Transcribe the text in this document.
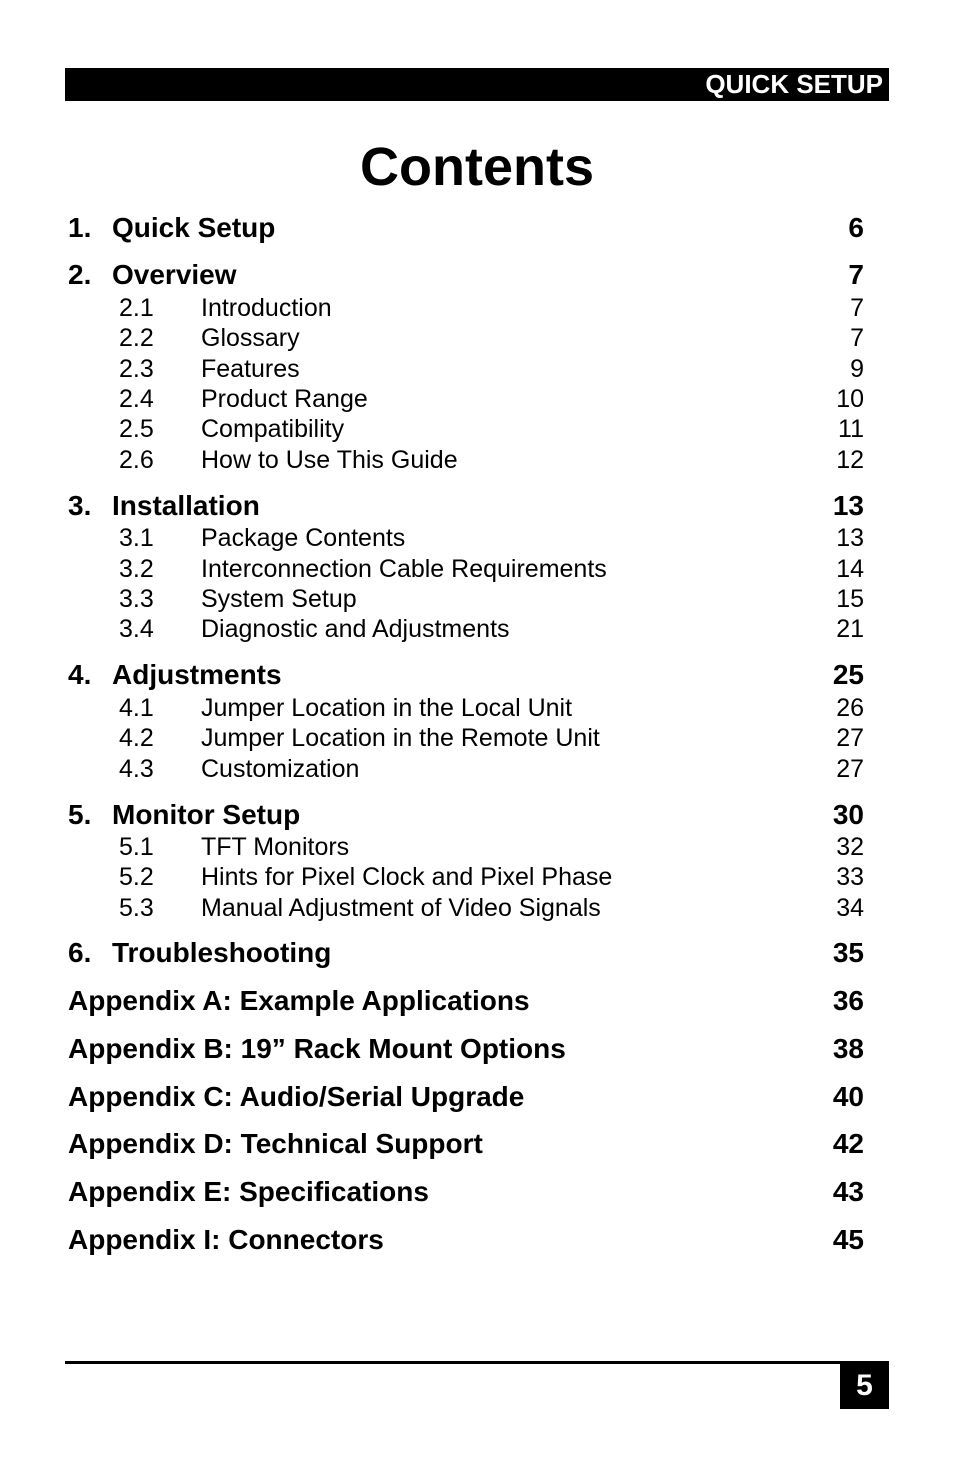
QUICK SETUP
Contents
1. Quick Setup	6
2. Overview	7
2.1 Introduction	7
2.2 Glossary	7
2.3 Features	9
2.4 Product Range	10
2.5 Compatibility	11
2.6 How to Use This Guide	12
3. Installation	13
3.1 Package Contents	13
3.2 Interconnection Cable Requirements	14
3.3 System Setup	15
3.4 Diagnostic and Adjustments	21
4. Adjustments	25
4.1 Jumper Location in the Local Unit	26
4.2 Jumper Location in the Remote Unit	27
4.3 Customization	27
5. Monitor Setup	30
5.1 TFT Monitors	32
5.2 Hints for Pixel Clock and Pixel Phase	33
5.3 Manual Adjustment of Video Signals	34
6. Troubleshooting	35
Appendix A: Example Applications	36
Appendix B: 19” Rack Mount Options	38
Appendix C: Audio/Serial Upgrade	40
Appendix D: Technical Support	42
Appendix E: Specifications	43
Appendix I: Connectors	45
5
